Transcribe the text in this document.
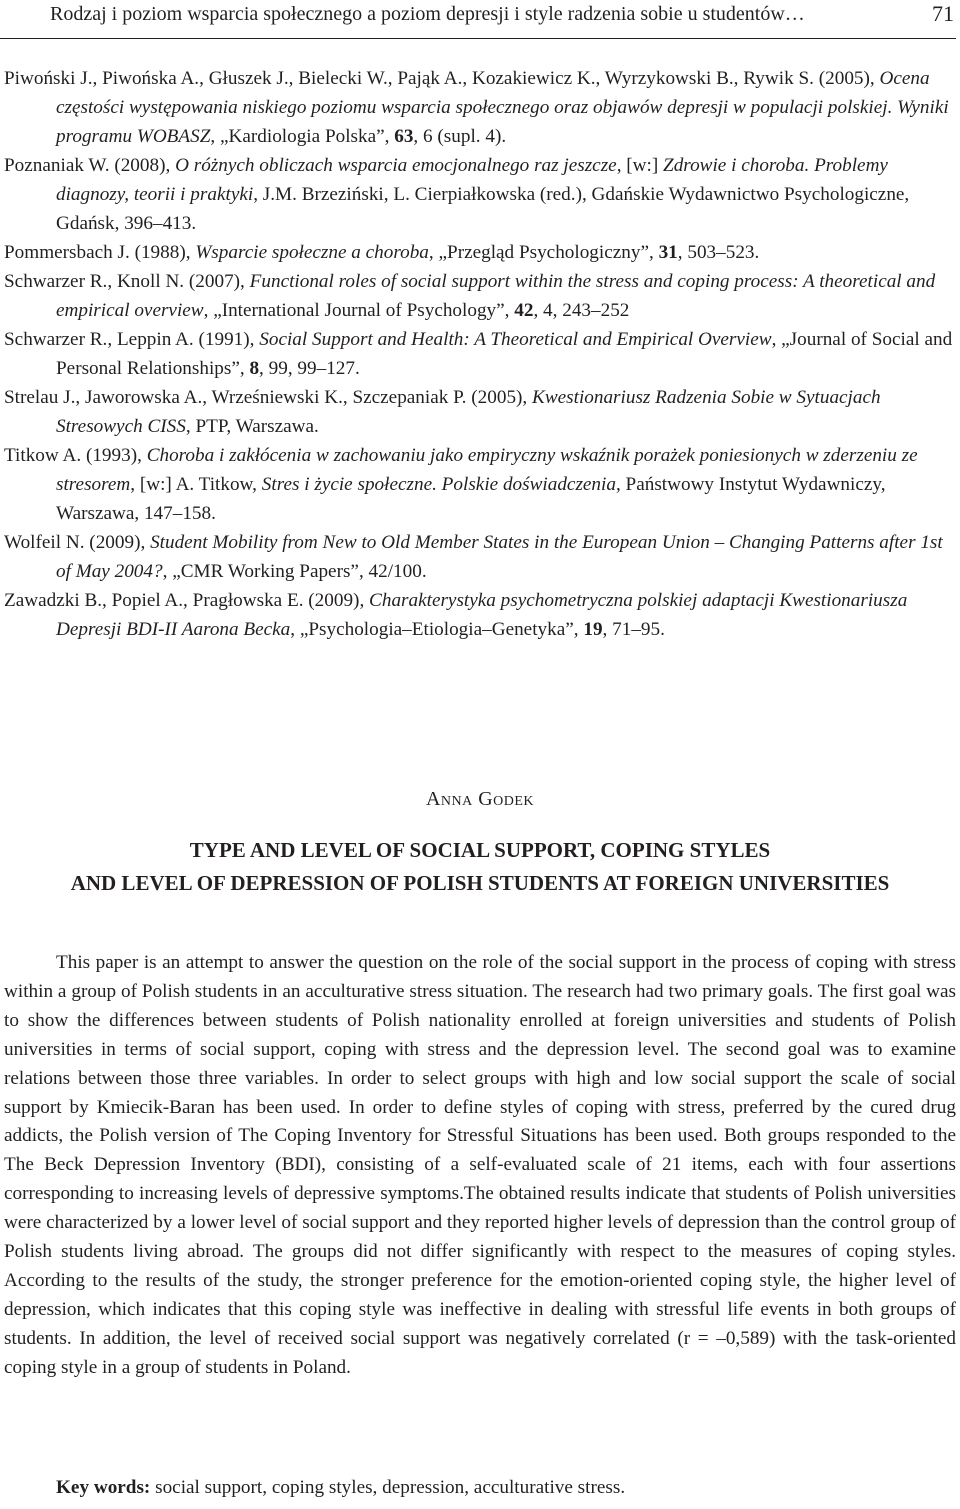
Rodzaj i poziom wsparcia społecznego a poziom depresji i style radzenia sobie u studentów…	71

Piwoński J., Piwońska A., Głuszek J., Bielecki W., Pająk A., Kozakiewicz K., Wyrzykowski B., Rywik S. (2005), Ocena częstości występowania niskiego poziomu wsparcia społecznego oraz objawów depresji w populacji polskiej. Wyniki programu WOBASZ, „Kardiologia Polska”, 63, 6 (supl. 4).

Poznaniak W. (2008), O różnych obliczach wsparcia emocjonalnego raz jeszcze, [w:] Zdrowie i choroba. Problemy diagnozy, teorii i praktyki, J.M. Brzeziński, L. Cierpiałkowska (red.), Gdańskie Wydawnictwo Psychologiczne, Gdańsk, 396–413.

Pommersbach J. (1988), Wsparcie społeczne a choroba, „Przegląd Psychologiczny”, 31, 503–523.

Schwarzer R., Knoll N. (2007), Functional roles of social support within the stress and coping process: A theoretical and empirical overview, „International Journal of Psychology”, 42, 4, 243–252

Schwarzer R., Leppin A. (1991), Social Support and Health: A Theoretical and Empirical Overview, „Journal of Social and Personal Relationships”, 8, 99, 99–127.

Strelau J., Jaworowska A., Wrześniewski K., Szczepaniak P. (2005), Kwestionariusz Radzenia Sobie w Sytuacjach Stresowych CISS, PTP, Warszawa.

Titkow A. (1993), Choroba i zakłócenia w zachowaniu jako empiryczny wskaźnik porażek poniesionych w zderzeniu ze stresorem, [w:] A. Titkow, Stres i życie społeczne. Polskie doświadczenia, Państwowy Instytut Wydawniczy, Warszawa, 147–158.

Wolfeil N. (2009), Student Mobility from New to Old Member States in the European Union – Changing Patterns after 1st of May 2004?, „CMR Working Papers”, 42/100.

Zawadzki B., Popiel A., Pragłowska E. (2009), Charakterystyka psychometryczna polskiej adaptacji Kwestionariusza Depresji BDI-II Aarona Becka, „Psychologia–Etiologia–Genetyka”, 19, 71–95.

Anna Godek
TYPE AND LEVEL OF SOCIAL SUPPORT, COPING STYLES
AND LEVEL OF DEPRESSION OF POLISH STUDENTS AT FOREIGN UNIVERSITIES

This paper is an attempt to answer the question on the role of the social support in the process of coping with stress within a group of Polish students in an acculturative stress situation. The research had two primary goals. The first goal was to show the differences between students of Polish nationality enrolled at foreign universities and students of Polish universities in terms of social support, coping with stress and the depression level. The second goal was to examine relations between those three variables. In order to select groups with high and low social support the scale of social support by Kmiecik-Baran has been used. In order to define styles of coping with stress, preferred by the cured drug addicts, the Polish version of The Coping Inventory for Stressful Situations has been used. Both groups responded to the The Beck Depression Inventory (BDI), consisting of a self-evaluated scale of 21 items, each with four assertions corresponding to increasing levels of depressive symptoms.The obtained results indicate that students of Polish universities were characterized by a lower level of social support and they reported higher levels of depression than the control group of Polish students living abroad. The groups did not differ significantly with respect to the measures of coping styles. According to the results of the study, the stronger preference for the emotion-oriented coping style, the higher level of depression, which indicates that this coping style was ineffective in dealing with stressful life events in both groups of students. In addition, the level of received social support was negatively correlated (r = –0,589) with the task-oriented coping style in a group of students in Poland.

Key words: social support, coping styles, depression, acculturative stress.
